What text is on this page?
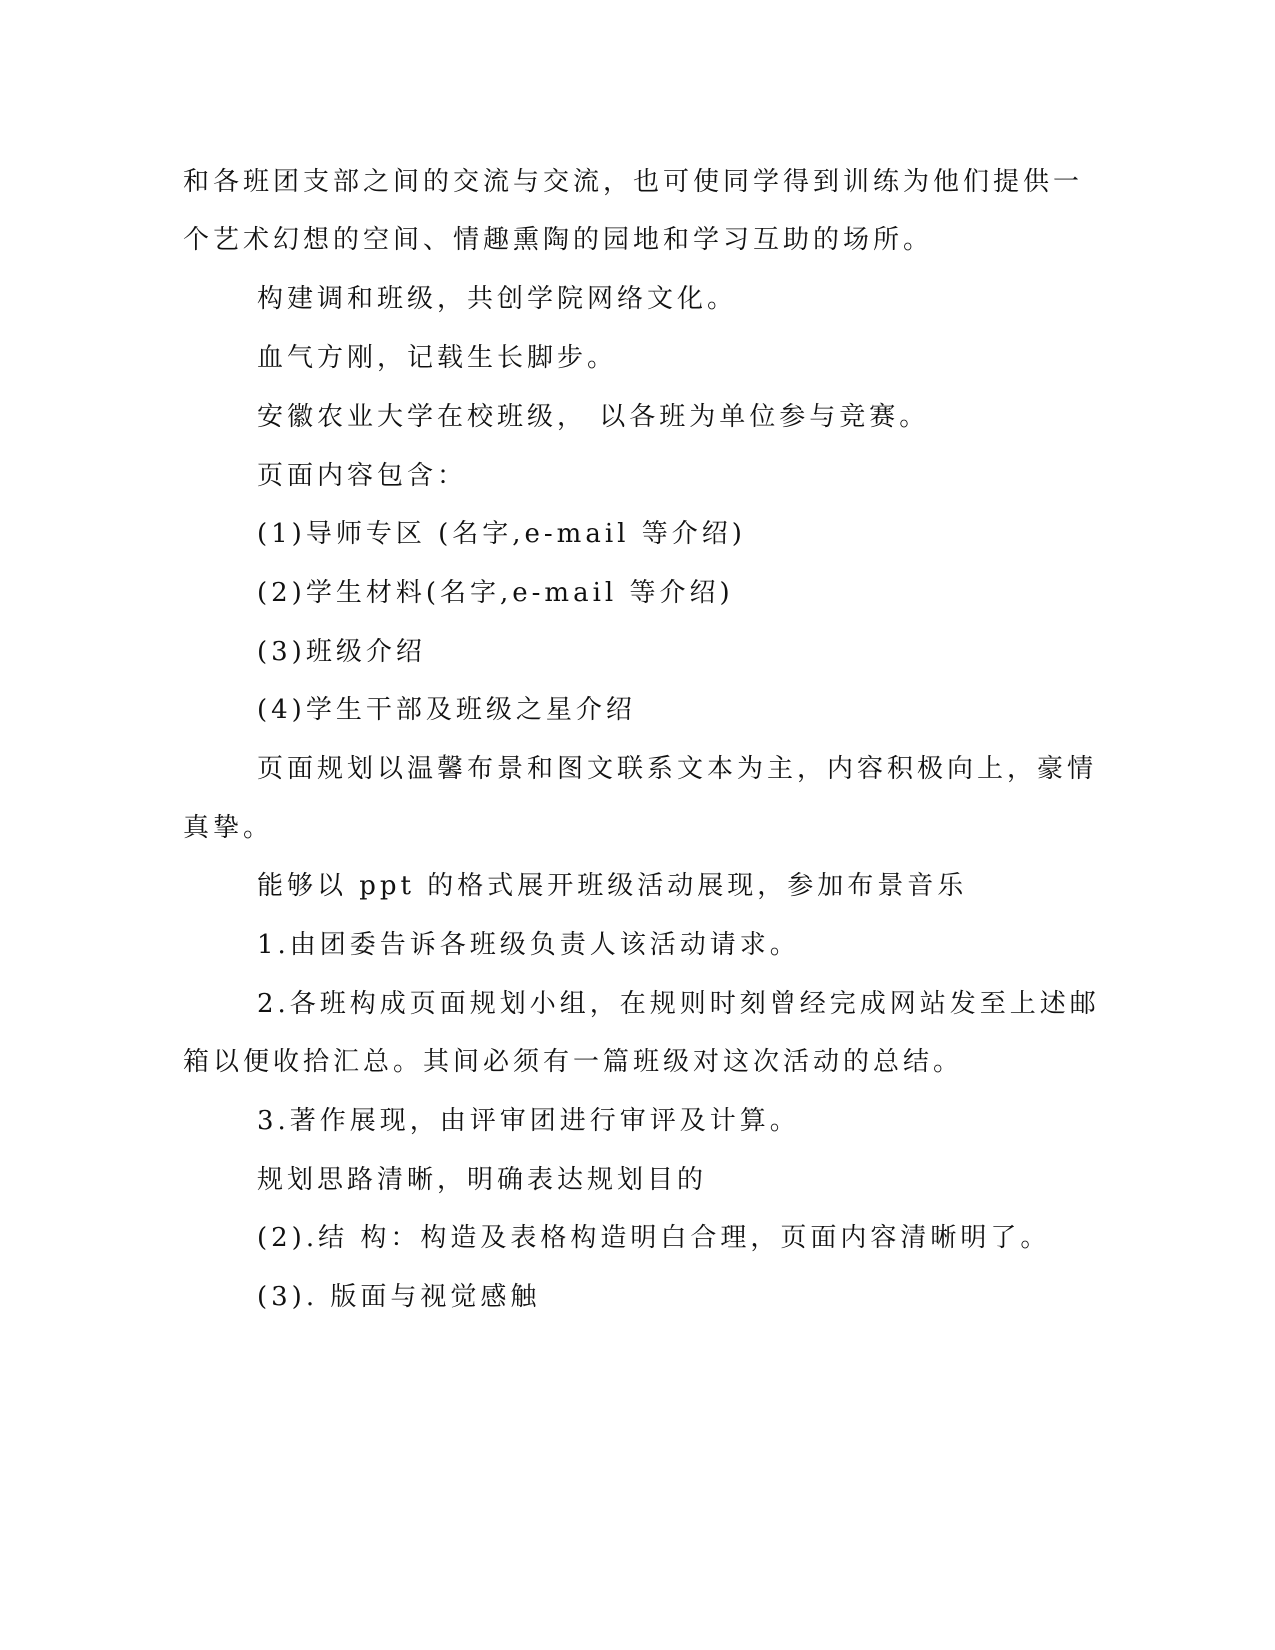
和各班团支部之间的交流与交流，也可使同学得到训练为他们提供一
个艺术幻想的空间、情趣熏陶的园地和学习互助的场所。
构建调和班级，共创学院网络文化。
血气方刚，记载生长脚步。
安徽农业大学在校班级， 以各班为单位参与竞赛。
页面内容包含：
(1)导师专区 (名字,e-mail 等介绍)
(2)学生材料(名字,e-mail 等介绍)
(3)班级介绍
(4)学生干部及班级之星介绍
页面规划以温馨布景和图文联系文本为主，内容积极向上，豪情
真挚。
能够以 ppt 的格式展开班级活动展现，参加布景音乐
1.由团委告诉各班级负责人该活动请求。
2.各班构成页面规划小组，在规则时刻曾经完成网站发至上述邮
箱以便收拾汇总。其间必须有一篇班级对这次活动的总结。
3.著作展现，由评审团进行审评及计算。
规划思路清晰，明确表达规划目的
(2).结 构：构造及表格构造明白合理，页面内容清晰明了。
(3). 版面与视觉感触
